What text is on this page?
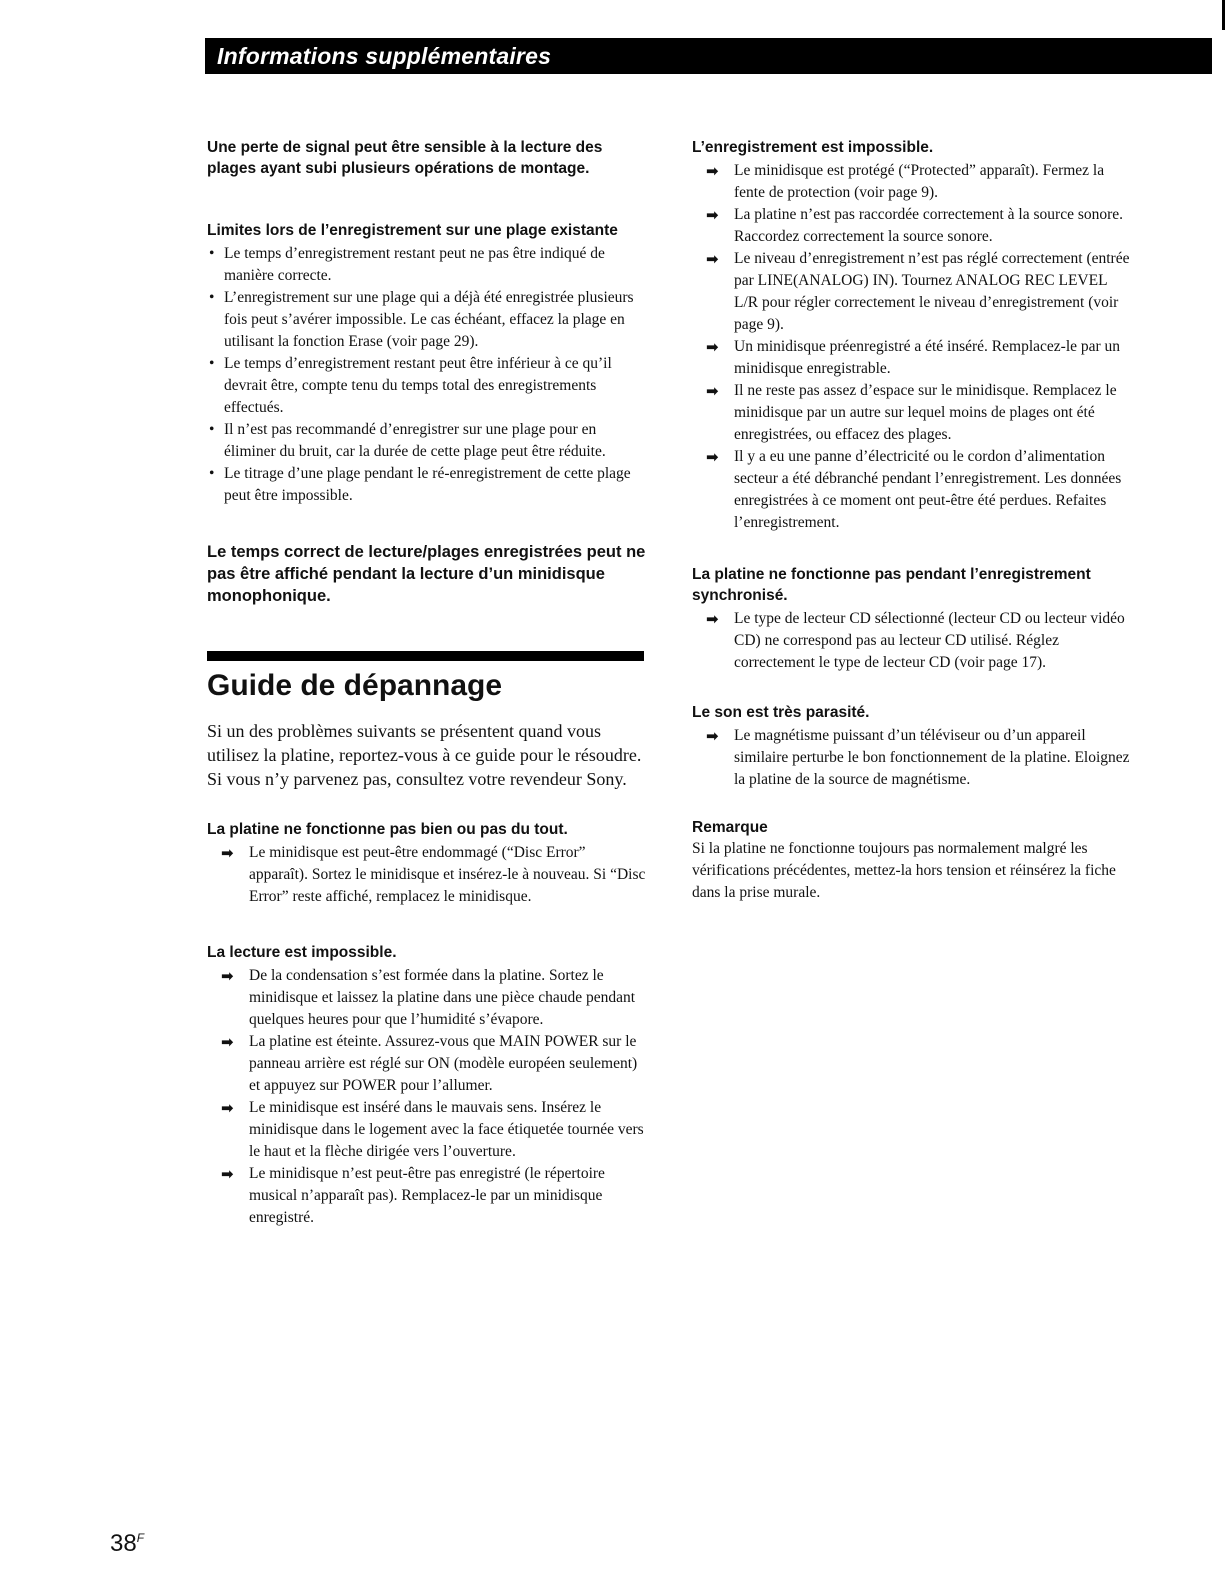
Informations supplémentaires
Une perte de signal peut être sensible à la lecture des plages ayant subi plusieurs opérations de montage.
Limites lors de l’enregistrement sur une plage existante
• Le temps d’enregistrement restant peut ne pas être indiqué de manière correcte.
• L’enregistrement sur une plage qui a déjà été enregistrée plusieurs fois peut s’avérer impossible. Le cas échéant, effacez la plage en utilisant la fonction Erase (voir page 29).
• Le temps d’enregistrement restant peut être inférieur à ce qu’il devrait être, compte tenu du temps total des enregistrements effectués.
• Il n’est pas recommandé d’enregistrer sur une plage pour en éliminer du bruit, car la durée de cette plage peut être réduite.
• Le titrage d’une plage pendant le ré-enregistrement de cette plage peut être impossible.
Le temps correct de lecture/plages enregistrées peut ne pas être affiché pendant la lecture d’un minidisque monophonique.
Guide de dépannage

Si un des problèmes suivants se présentent quand vous utilisez la platine, reportez-vous à ce guide pour le résoudre. Si vous n’y parvenez pas, consultez votre revendeur Sony.

La platine ne fonctionne pas bien ou pas du tout.
➡ Le minidisque est peut-être endommagé (“Disc Error” apparaît). Sortez le minidisque et insérez-le à nouveau. Si “Disc Error” reste affiché, remplacez le minidisque.
La lecture est impossible.
➡ De la condensation s’est formée dans la platine. Sortez le minidisque et laissez la platine dans une pièce chaude pendant quelques heures pour que l’humidité s’évapore.
➡ La platine est éteinte. Assurez-vous que MAIN POWER sur le panneau arrière est réglé sur ON (modèle européen seulement) et appuyez sur POWER pour l’allumer.
➡ Le minidisque est inséré dans le mauvais sens. Insérez le minidisque dans le logement avec la face étiquetée tournée vers le haut et la flèche dirigée vers l’ouverture.
➡ Le minidisque n’est peut-être pas enregistré (le répertoire musical n’apparaît pas). Remplacez-le par un minidisque enregistré.
L’enregistrement est impossible.
➡ Le minidisque est protégé (“Protected” apparaît). Fermez la fente de protection (voir page 9).
➡ La platine n’est pas raccordée correctement à la source sonore. Raccordez correctement la source sonore.
➡ Le niveau d’enregistrement n’est pas réglé correctement (entrée par LINE(ANALOG) IN). Tournez ANALOG REC LEVEL L/R pour régler correctement le niveau d’enregistrement (voir page 9).
➡ Un minidisque préenregistré a été inséré. Remplacez-le par un minidisque enregistrable.
➡ Il ne reste pas assez d’espace sur le minidisque. Remplacez le minidisque par un autre sur lequel moins de plages ont été enregistrées, ou effacez des plages.
➡ Il y a eu une panne d’électricité ou le cordon d’alimentation secteur a été débranché pendant l’enregistrement. Les données enregistrées à ce moment ont peut-être été perdues. Refaites l’enregistrement.
La platine ne fonctionne pas pendant l’enregistrement synchronisé.
➡ Le type de lecteur CD sélectionné (lecteur CD ou lecteur vidéo CD) ne correspond pas au lecteur CD utilisé. Réglez correctement le type de lecteur CD (voir page 17).
Le son est très parasité.
➡ Le magnétisme puissant d’un téléviseur ou d’un appareil similaire perturbe le bon fonctionnement de la platine. Eloignez la platine de la source de magnétisme.
Remarque

Si la platine ne fonctionne toujours pas normalement malgré les vérifications précédentes, mettez-la hors tension et réinsérez la fiche dans la prise murale.

$38^F$
